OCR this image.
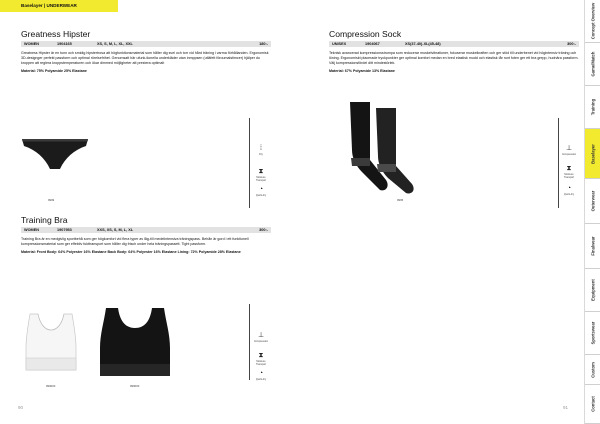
Baselayer | UNDERWEAR
Greatness Hipster
WOMEN	1904165	XS, S, M, L, XL, XXL	180:-
Greatness Hipster är en tunn och smidig hipstertrosa att högfunktionsmaterial som håller dig svel och torr vid hård träning i varma förhållanden. Ergonomisk 3D-designger perfekt passform och optimal rörelsefrihet. Genomsatt här ufunk-tionella underkläder utan inmppsen (utläfett föroumalstimcer) hjälper du kroppen att reglera kroppstemperaturen och ökar dimmed möjligheter att prestera optimalt
Material: 75% Polyamide 25% Elastane
9999
⁞
Dry
⧗
Moisture Transport
◔
Quick-dry
Training Bra
WOMEN	1907953	XXS, XS, S, M, L, XL	300:-
Training Bra är en medgivlig sportbehå som ger högkomfort vid flera typer av låg-till medelintensiva träningspass. Behån är gord i ett funktionell kompressionsmaterial som ger effektiv fukttransport som håller dig frisch under hela träningspassett. Tight passform.
Material: Front Body: 64% Polyester 16% Elastane Back Body: 64% Polyester 16% Elastane Lining: 72% Polyamide 28% Elastane
999000	999000
⊥
Compression
⧗
Moisture Transport
◔
Quick-dry
90
Compression Sock
UNISEX	1904067	XS(37-40)-XL(45-48)	300:-
Teknisk avancerad kompressionsstrumpa som reducerar muskelvibrationer, fokuserar muskelkraften och ger stöd till underbenet vid högintensiv träning och löning. Ergonomiskt placerade tryckpunkter ger optimal komfort medan en bred elastisk mudd och elastisk tår runt foten ger ett bra grepp, hudnära passform. Välj kompressionsfördel ditt mindestörlek.
Material: 67% Polyamide 13% Elastane
9995
⊥
Compression
⧗
Moisture Transport
◔
Quick-dry
91
Concept Overview
Game/Match
Training
Baselayer
Outerwear
Finalwear
Equipment
Sportswear
Custom
Contact
